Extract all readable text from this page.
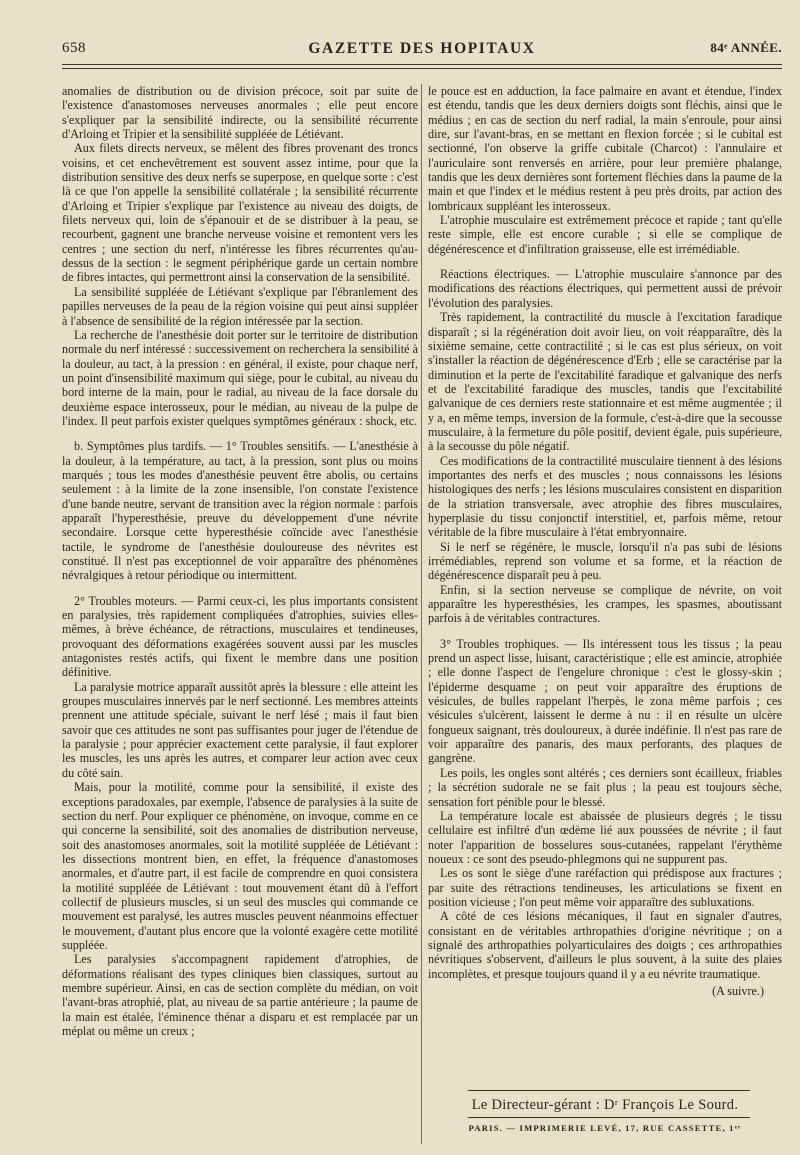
658	GAZETTE DES HOPITAUX	84ᵉ ANNÉE.

anomalies de distribution ou de division précoce, soit par suite de l'existence d'anastomoses nerveuses anormales ; elle peut encore s'expliquer par la sensibilité indirecte, ou la sensibilité récurrente d'Arloing et Tripier et la sensibilité suppléée de Létiévant.

Aux filets directs nerveux, se mêlent des fibres provenant des troncs voisins, et cet enchevêtrement est souvent assez intime, pour que la distribution sensitive des deux nerfs se superpose, en quelque sorte : c'est là ce que l'on appelle la sensibilité collatérale ; la sensibilité récurrente d'Arloing et Tripier s'explique par l'existence au niveau des doigts, de filets nerveux qui, loin de s'épanouir et de se distribuer à la peau, se recourbent, gagnent une branche nerveuse voisine et remontent vers les centres ; une section du nerf, n'intéresse les fibres récurrentes qu'au-dessus de la section : le segment périphérique garde un certain nombre de fibres intactes, qui permettront ainsi la conservation de la sensibilité.

La sensibilité suppléée de Létiévant s'explique par l'ébranlement des papilles nerveuses de la peau de la région voisine qui peut ainsi suppléer à l'absence de sensibilité de la région intéressée par la section.

La recherche de l'anesthésie doit porter sur le territoire de distribution normale du nerf intéressé : successivement on recherchera la sensibilité à la douleur, au tact, à la pression : en général, il existe, pour chaque nerf, un point d'insensibilité maximum qui siège, pour le cubital, au niveau du bord interne de la main, pour le radial, au niveau de la face dorsale du deuxième espace interosseux, pour le médian, au niveau de la pulpe de l'index. Il peut parfois exister quelques symptômes généraux : shock, etc.

b. Symptômes plus tardifs. — 1° Troubles sensitifs. — L'anesthésie à la douleur, à la température, au tact, à la pression, sont plus ou moins marqués ; tous les modes d'anesthésie peuvent être abolis, ou certains seulement : à la limite de la zone insensible, l'on constate l'existence d'une bande neutre, servant de transition avec la région normale : parfois apparaît l'hyperesthésie, preuve du développement d'une névrite secondaire. Lorsque cette hyperesthésie coïncide avec l'anesthésie tactile, le syndrome de l'anesthésie douloureuse des névrites est constitué. Il n'est pas exceptionnel de voir apparaître des phénomènes névralgiques à retour périodique ou intermittent.

2° Troubles moteurs. — Parmi ceux-ci, les plus importants consistent en paralysies, très rapidement compliquées d'atrophies, suivies elles-mêmes, à brève échéance, de rétractions, musculaires et tendineuses, provoquant des déformations exagérées souvent aussi par les muscles antagonistes restés actifs, qui fixent le membre dans une position définitive.

La paralysie motrice apparaît aussitôt après la blessure : elle atteint les groupes musculaires innervés par le nerf sectionné. Les membres atteints prennent une attitude spéciale, suivant le nerf lésé ; mais il faut bien savoir que ces attitudes ne sont pas suffisantes pour juger de l'étendue de la paralysie ; pour apprécier exactement cette paralysie, il faut explorer les muscles, les uns après les autres, et comparer leur action avec ceux du côté sain.

Mais, pour la motilité, comme pour la sensibilité, il existe des exceptions paradoxales, par exemple, l'absence de paralysies à la suite de section du nerf. Pour expliquer ce phénomène, on invoque, comme en ce qui concerne la sensibilité, soit des anomalies de distribution nerveuse, soit des anastomoses anormales, soit la motilité suppléée de Létiévant : les dissections montrent bien, en effet, la fréquence d'anastomoses anormales, et d'autre part, il est facile de comprendre en quoi consistera la motilité suppléée de Létiévant : tout mouvement étant dû à l'effort collectif de plusieurs muscles, si un seul des muscles qui commande ce mouvement est paralysé, les autres muscles peuvent néanmoins effectuer le mouvement, d'autant plus encore que la volonté exagère cette motilité suppléée.

Les paralysies s'accompagnent rapidement d'atrophies, de déformations réalisant des types cliniques bien classiques, surtout au membre supérieur. Ainsi, en cas de section complète du médian, on voit l'avant-bras atrophié, plat, au niveau de sa partie antérieure ; la paume de la main est étalée, l'éminence thénar a disparu et est remplacée par un méplat ou même un creux ;

le pouce est en adduction, la face palmaire en avant et étendue, l'index est étendu, tandis que les deux derniers doigts sont fléchis, ainsi que le médius ; en cas de section du nerf radial, la main s'enroule, pour ainsi dire, sur l'avant-bras, en se mettant en flexion forcée ; si le cubital est sectionné, l'on observe la griffe cubitale (Charcot) : l'annulaire et l'auriculaire sont renversés en arrière, pour leur première phalange, tandis que les deux dernières sont fortement fléchies dans la paume de la main et que l'index et le médius restent à peu près droits, par action des lombricaux suppléant les interosseux.

L'atrophie musculaire est extrêmement précoce et rapide ; tant qu'elle reste simple, elle est encore curable ; si elle se complique de dégénérescence et d'infiltration graisseuse, elle est irrémédiable.

Réactions électriques. — L'atrophie musculaire s'annonce par des modifications des réactions électriques, qui permettent aussi de prévoir l'évolution des paralysies.

Très rapidement, la contractilité du muscle à l'excitation faradique disparaît ; si la régénération doit avoir lieu, on voit réapparaître, dès la sixième semaine, cette contractilité ; si le cas est plus sérieux, on voit s'installer la réaction de dégénérescence d'Erb ; elle se caractérise par la diminution et la perte de l'excitabilité faradique et galvanique des nerfs et de l'excitabilité faradique des muscles, tandis que l'excitabilité galvanique de ces derniers reste stationnaire et est même augmentée ; il y a, en même temps, inversion de la formule, c'est-à-dire que la secousse musculaire, à la fermeture du pôle positif, devient égale, puis supérieure, à la secousse du pôle négatif.

Ces modifications de la contractilité musculaire tiennent à des lésions importantes des nerfs et des muscles ; nous connaissons les lésions histologiques des nerfs ; les lésions musculaires consistent en disparition de la striation transversale, avec atrophie des fibres musculaires, hyperplasie du tissu conjonctif interstitiel, et, parfois même, retour véritable de la fibre musculaire à l'état embryonnaire.

Si le nerf se régénère, le muscle, lorsqu'il n'a pas subi de lésions irrémédiables, reprend son volume et sa forme, et la réaction de dégénérescence disparaît peu à peu.

Enfin, si la section nerveuse se complique de névrite, on voit apparaître les hyperesthésies, les crampes, les spasmes, aboutissant parfois à de véritables contractures.

3° Troubles trophiques. — Ils intéressent tous les tissus ; la peau prend un aspect lisse, luisant, caractéristique ; elle est amincie, atrophiée ; elle donne l'aspect de l'engelure chronique : c'est le glossy-skin ; l'épiderme desquame ; on peut voir apparaître des éruptions de vésicules, de bulles rappelant l'herpès, le zona même parfois ; ces vésicules s'ulcèrent, laissent le derme à nu : il en résulte un ulcère fongueux saignant, très douloureux, à durée indéfinie. Il n'est pas rare de voir apparaître des panaris, des maux perforants, des plaques de gangrène.

Les poils, les ongles sont altérés ; ces derniers sont écailleux, friables ; la sécrétion sudorale ne se fait plus ; la peau est toujours sèche, sensation fort pénible pour le blessé.

La température locale est abaissée de plusieurs degrés ; le tissu cellulaire est infiltré d'un œdème lié aux poussées de névrite ; il faut noter l'apparition de bosselures sous-cutanées, rappelant l'érythème noueux : ce sont des pseudo-phlegmons qui ne suppurent pas.

Les os sont le siège d'une raréfaction qui prédispose aux fractures ; par suite des rétractions tendineuses, les articulations se fixent en position vicieuse ; l'on peut même voir apparaître des subluxations.

A côté de ces lésions mécaniques, il faut en signaler d'autres, consistant en de véritables arthropathies d'origine névritique ; on a signalé des arthropathies polyarticulaires des doigts ; ces arthropathies névritiques s'observent, d'ailleurs le plus souvent, à la suite des plaies incomplètes, et presque toujours quand il y a eu névrite traumatique.

(A suivre.)

Le Directeur-gérant : Dʳ François Le Sourd.
PARIS. — IMPRIMERIE LEVÉ, 17, RUE CASSETTE, 1ᵉʳ
